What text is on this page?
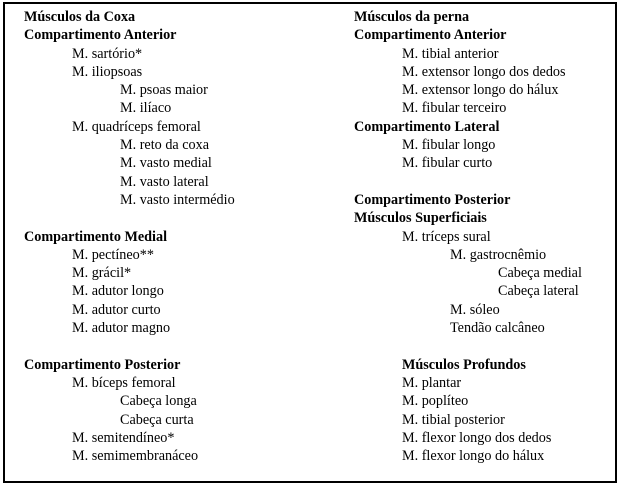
Músculos da Coxa
Compartimento Anterior
M. sartório*
M. iliopsoas
M. psoas maior
M. ilíaco
M. quadríceps femoral
M. reto da coxa
M. vasto medial
M. vasto lateral
M. vasto intermédio
Compartimento Medial
M. pectíneo**
M. grácil*
M. adutor longo
M. adutor curto
M. adutor magno
Compartimento Posterior
M. bíceps femoral
Cabeça longa
Cabeça curta
M. semitendíneo*
M. semimembranáceo
Músculos da perna
Compartimento Anterior
M. tibial anterior
M. extensor longo dos dedos
M. extensor longo do hálux
M. fibular terceiro
Compartimento Lateral
M. fibular longo
M. fibular curto
Compartimento Posterior
Músculos Superficiais
M. tríceps sural
M. gastrocnêmio
Cabeça medial
Cabeça lateral
M. sóleo
Tendão calcâneo
Músculos Profundos
M. plantar
M. poplíteo
M. tibial posterior
M. flexor longo dos dedos
M. flexor longo do hálux
